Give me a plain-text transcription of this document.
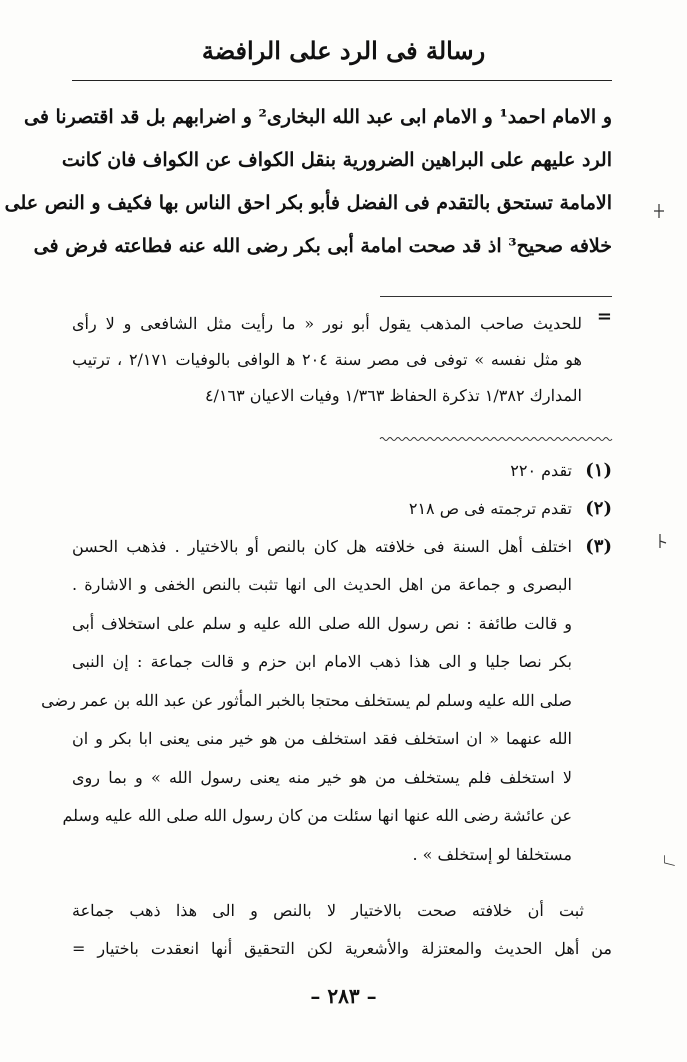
رسالة فى الرد على الرافضة
و الامام احمد¹ و الامام ابى عبد الله البخارى² و اضرابهم بل قد اقتصرنا فى
الرد عليهم على البراهين الضرورية بنقل الكواف عن الكواف فان كانت
الامامة تستحق بالتقدم فى الفضل فأبو بكر احق الناس بها فكيف و النص على
خلافه صحيح³ اذ قد صحت امامة أبى بكر رضى الله عنه فطاعته فرض فى
=
للحديث صاحب المذهب يقول أبو نور « ما رأيت مثل الشافعى و لا رأى
هو مثل نفسه » توفى فى مصر سنة ٢٠٤ ﻫ الوافى بالوفيات ٢/١٧١ ، ترتيب
المدارك ١/٣٨٢ تذكرة الحفاظ ١/٣٦٣ وفيات الاعيان ٤/١٦٣
(١)
تقدم ٢٢٠
(٢)
تقدم ترجمته فى ص ٢١٨
(٣)
اختلف أهل السنة فى خلافته هل كان بالنص أو بالاختيار . فذهب الحسن
البصرى و جماعة من اهل الحديث الى انها تثبت بالنص الخفى و الاشارة .
و قالت طائفة : نص رسول الله صلى الله عليه و سلم على استخلاف أبى
بكر نصا جليا و الى هذا ذهب الامام ابن حزم و قالت جماعة : إن النبى
صلى الله عليه وسلم لم يستخلف محتجا بالخبر المأثور عن عبد الله بن عمر رضى
الله عنهما « ان استخلف فقد استخلف من هو خير منى يعنى ابا بكر و ان
لا استخلف فلم يستخلف من هو خير منه يعنى رسول الله » و بما روى
عن عائشة رضى الله عنها انها سئلت من كان رسول الله صلى الله عليه وسلم
مستخلفا لو إستخلف » .
ثبت أن خلافته صحت بالاختيار لا بالنص و الى هذا ذهب جماعة
من أهل الحديث والمعتزلة والأشعرية لكن التحقيق أنها انعقدت باختيار =
– ٢٨٣ –
